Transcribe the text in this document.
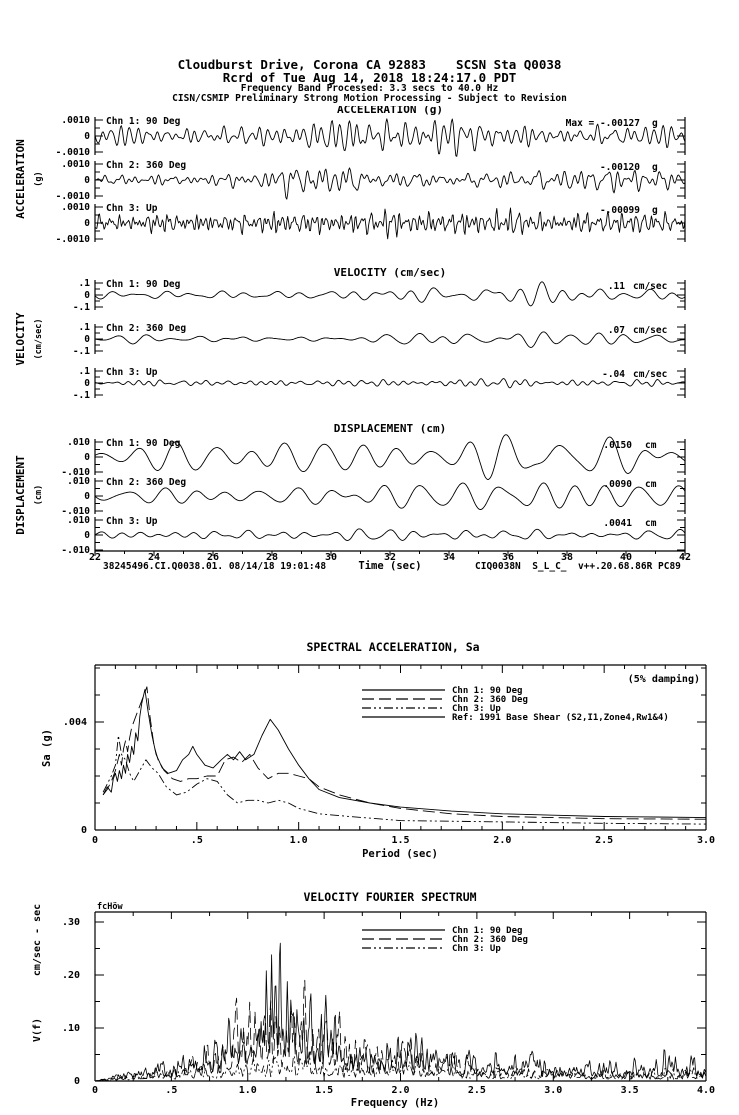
Cloudburst Drive, Corona CA 92883    SCSN Sta Q0038
Rcrd of Tue Aug 14, 2018 18:24:17.0 PDT
Frequency Band Processed: 3.3 secs to 40.0 Hz
CISN/CSMIP Preliminary Strong Motion Processing - Subject to Revision
ACCELERATION (g)
ACCELERATION (g)
.0010
0
-.0010
Chn 1: 90 Deg	Max = -.00127 g
.0010
0
-.0010
Chn 2: 360 Deg	-.00120 g
.0010
0
-.0010
Chn 3: Up	-.00099 g
VELOCITY (cm/sec)
VELOCITY (cm/sec)
.1
0
-.1
Chn 1: 90 Deg	.11 cm/sec
.1
0
-.1
Chn 2: 360 Deg	.07 cm/sec
.1
0
-.1
Chn 3: Up	-.04 cm/sec
DISPLACEMENT (cm)
DISPLACEMENT (cm)
.010
0
-.010
Chn 1: 90 Deg	.0150 cm
.010
0
-.010
Chn 2: 360 Deg	.0090 cm
.010
0
-.010
Chn 3: Up	.0041 cm
22	24	26	28	30	32	34	36	38	40	42
Time (sec)
38245496.CI.Q0038.01. 08/14/18 19:01:48	CIQ0038N  S_L_C_  v++.20.68.86R PC89
SPECTRAL ACCELERATION, Sa
0	.5	1.0	1.5	2.0	2.5	3.0
.004
0
Sa (g)
Period (sec)
(5% damping)
Chn 1: 90 Deg
Chn 2: 360 Deg
Chn 3: Up
Ref: 1991 Base Shear (S2,I1,Zone4,Rw1&4)
VELOCITY FOURIER SPECTRUM
fcHöw
0	.5	1.0	1.5	2.0	2.5	3.0	3.5	4.0
.30
.20
.10
0
cm/sec - sec
V(f)
Frequency (Hz)
Chn 1: 90 Deg
Chn 2: 360 Deg
Chn 3: Up
